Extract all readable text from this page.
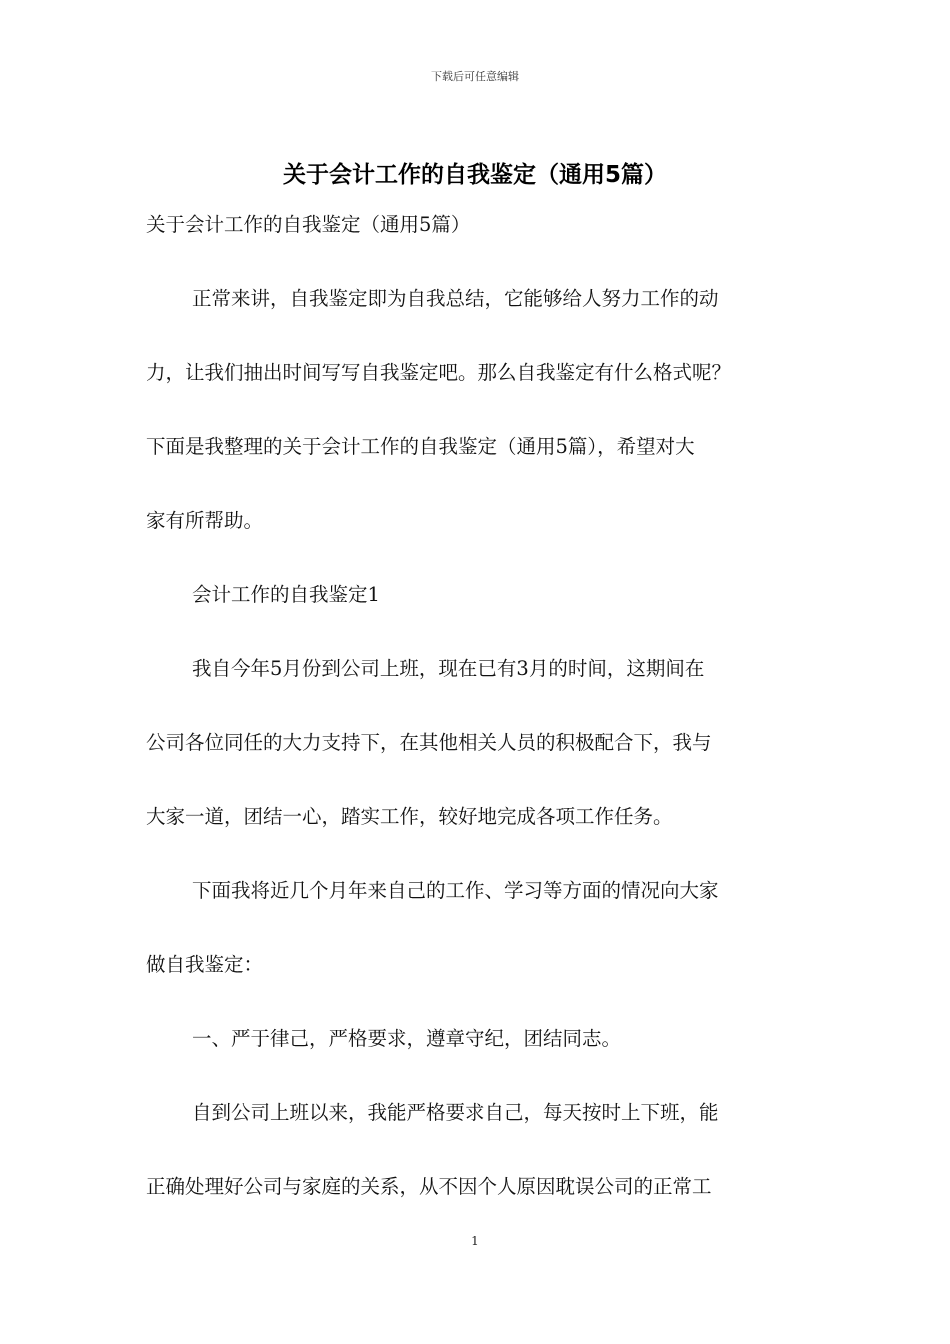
下载后可任意编辑
关于会计工作的自我鉴定（通用5篇）
关于会计工作的自我鉴定（通用5篇）
正常来讲，自我鉴定即为自我总结，它能够给人努力工作的动
力，让我们抽出时间写写自我鉴定吧。那么自我鉴定有什么格式呢？
下面是我整理的关于会计工作的自我鉴定（通用5篇），希望对大
家有所帮助。
会计工作的自我鉴定1
我自今年5月份到公司上班，现在已有3月的时间，这期间在
公司各位同任的大力支持下，在其他相关人员的积极配合下，我与
大家一道，团结一心，踏实工作，较好地完成各项工作任务。
下面我将近几个月年来自己的工作、学习等方面的情况向大家
做自我鉴定：
一、严于律己，严格要求，遵章守纪，团结同志。
自到公司上班以来，我能严格要求自己，每天按时上下班，能
正确处理好公司与家庭的关系，从不因个人原因耽误公司的正常工
1
